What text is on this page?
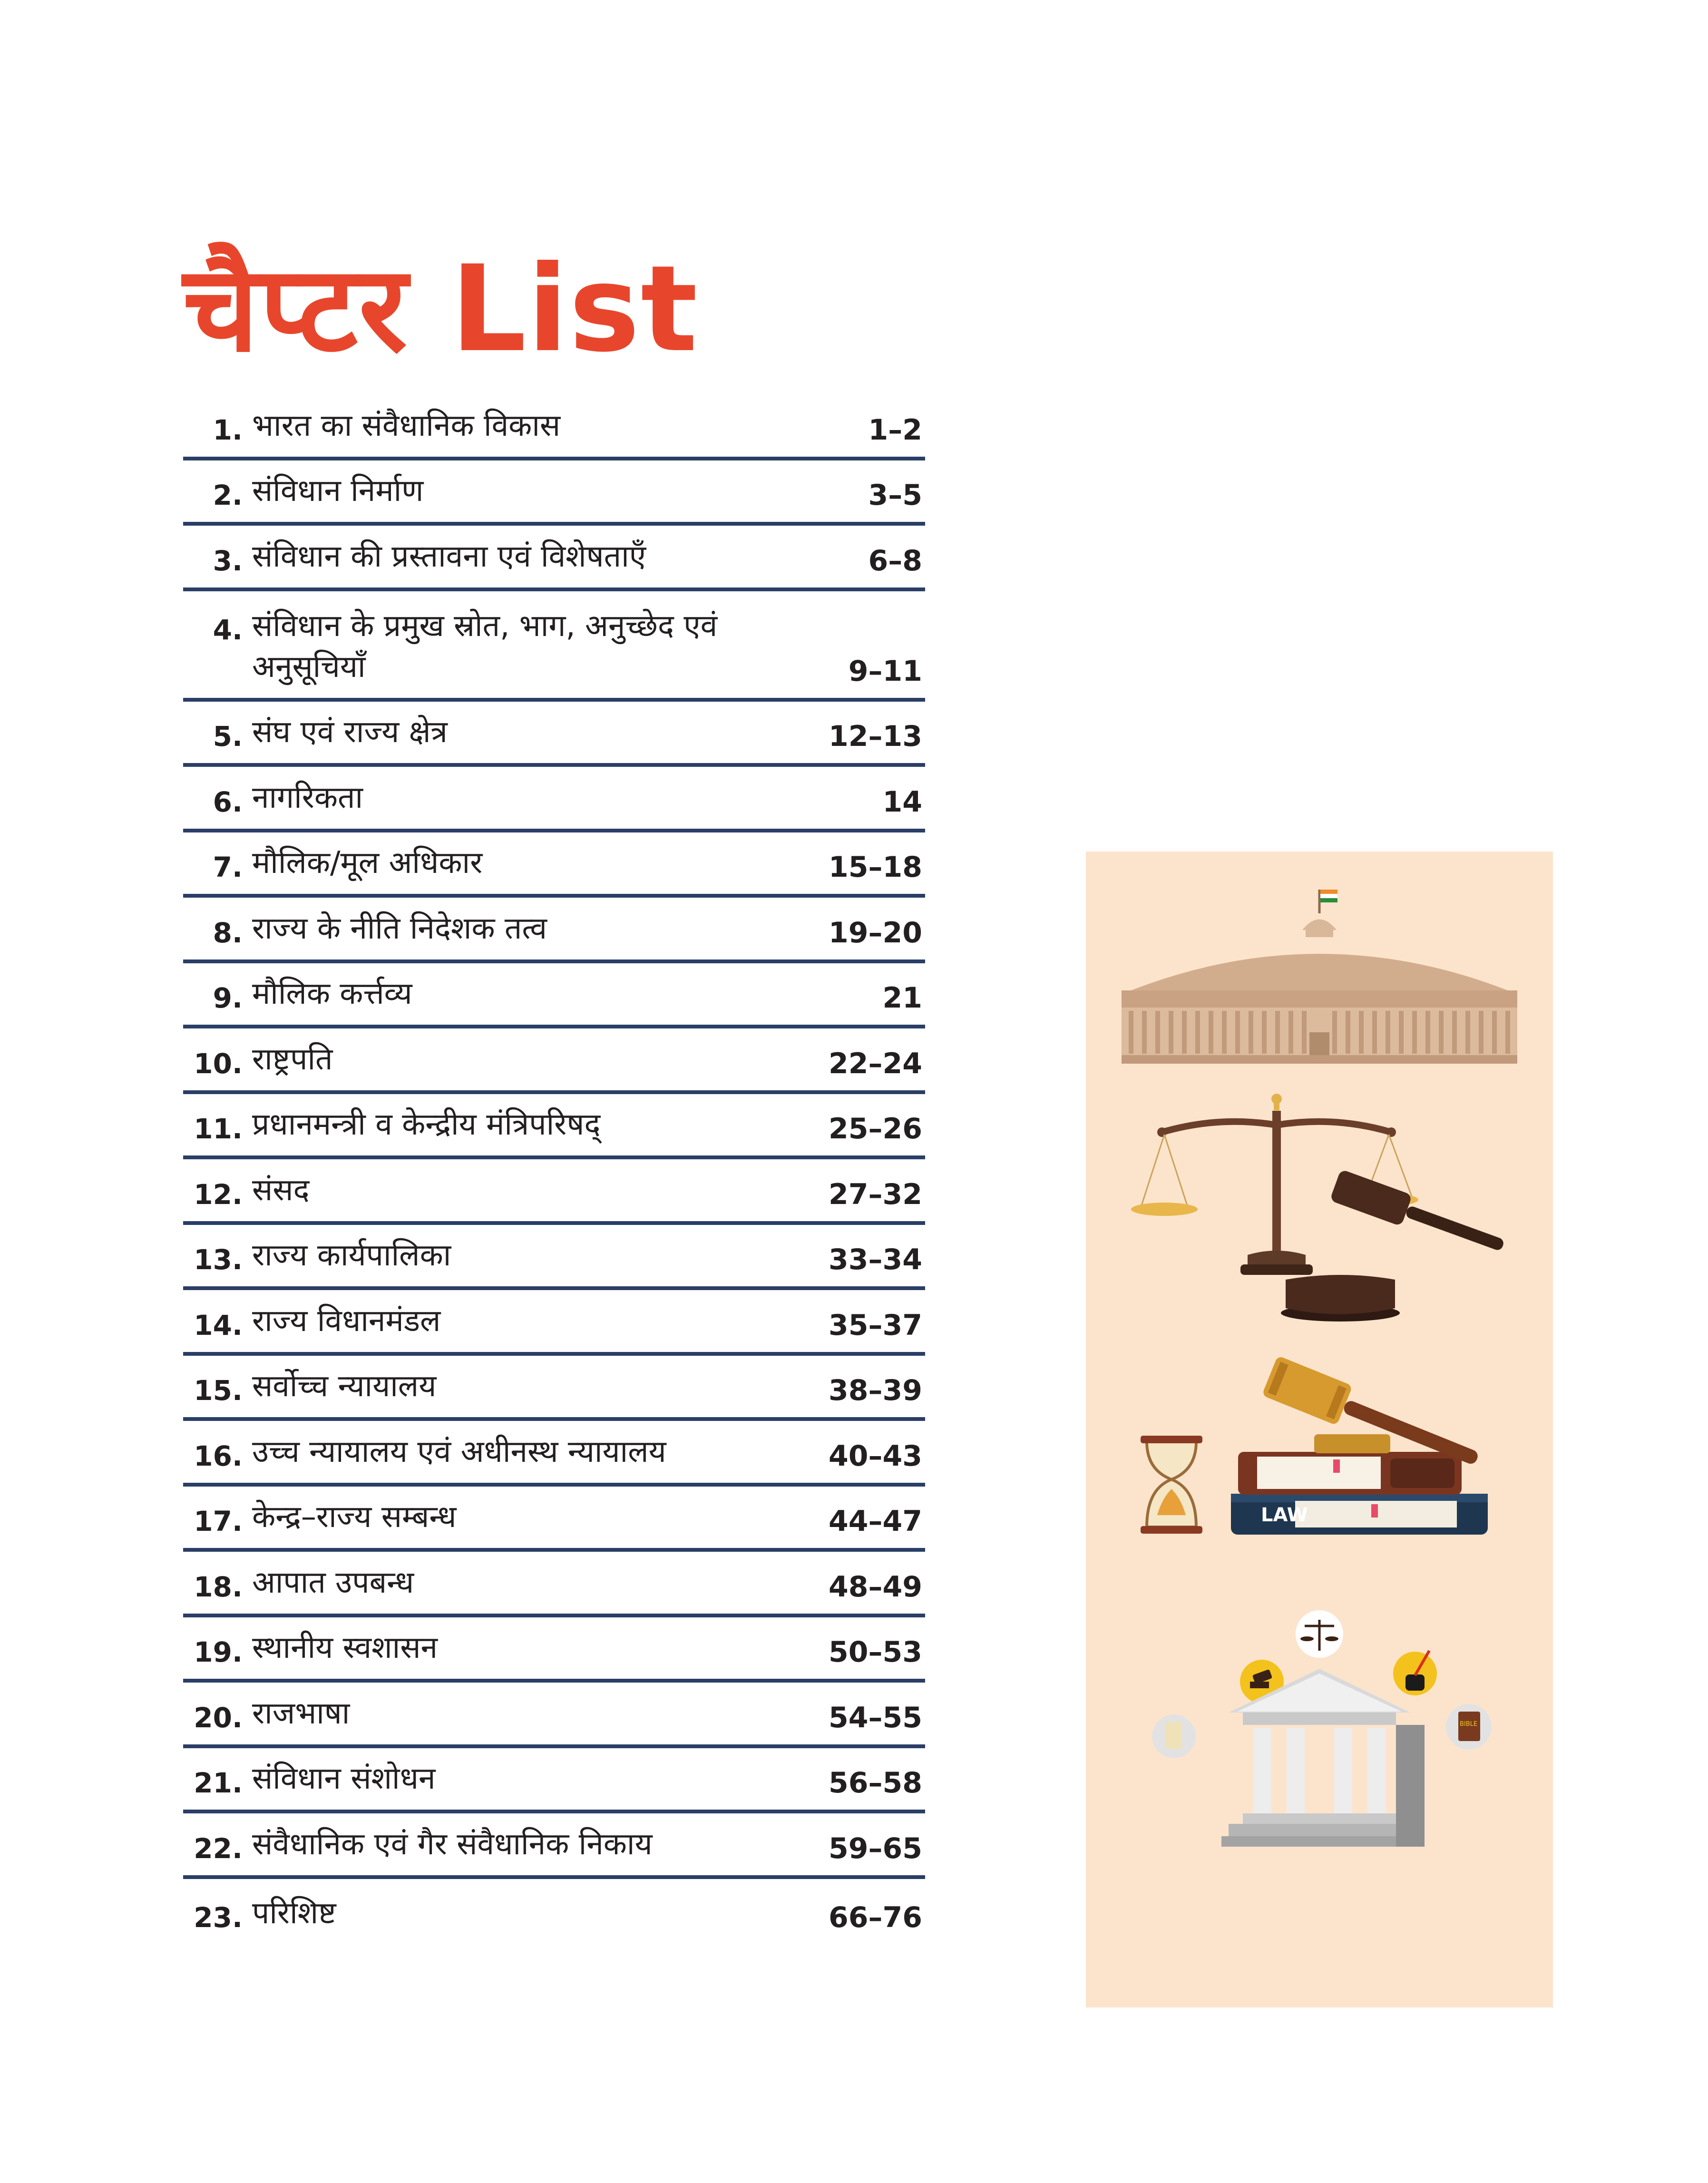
चैप्टर List
1. भारत का संवैधानिक विकास	1–2
2. संविधान निर्माण	3–5
3. संविधान की प्रस्तावना एवं विशेषताएँ	6–8
4. संविधान के प्रमुख स्रोत, भाग, अनुच्छेद एवं अनुसूचियाँ	9–11
5. संघ एवं राज्य क्षेत्र	12–13
6. नागरिकता	14
7. मौलिक/मूल अधिकार	15–18
8. राज्य के नीति निदेशक तत्व	19–20
9. मौलिक कर्त्तव्य	21
10. राष्ट्रपति	22–24
11. प्रधानमन्त्री व केन्द्रीय मंत्रिपरिषद्	25–26
12. संसद	27–32
13. राज्य कार्यपालिका	33–34
14. राज्य विधानमंडल	35–37
15. सर्वोच्च न्यायालय	38–39
16. उच्च न्यायालय एवं अधीनस्थ न्यायालय	40–43
17. केन्द्र–राज्य सम्बन्ध	44–47
18. आपात उपबन्ध	48–49
19. स्थानीय स्वशासन	50–53
20. राजभाषा	54–55
21. संविधान संशोधन	56–58
22. संवैधानिक एवं गैर संवैधानिक निकाय	59–65
23. परिशिष्ट	66–76
LAW
BIBLE
